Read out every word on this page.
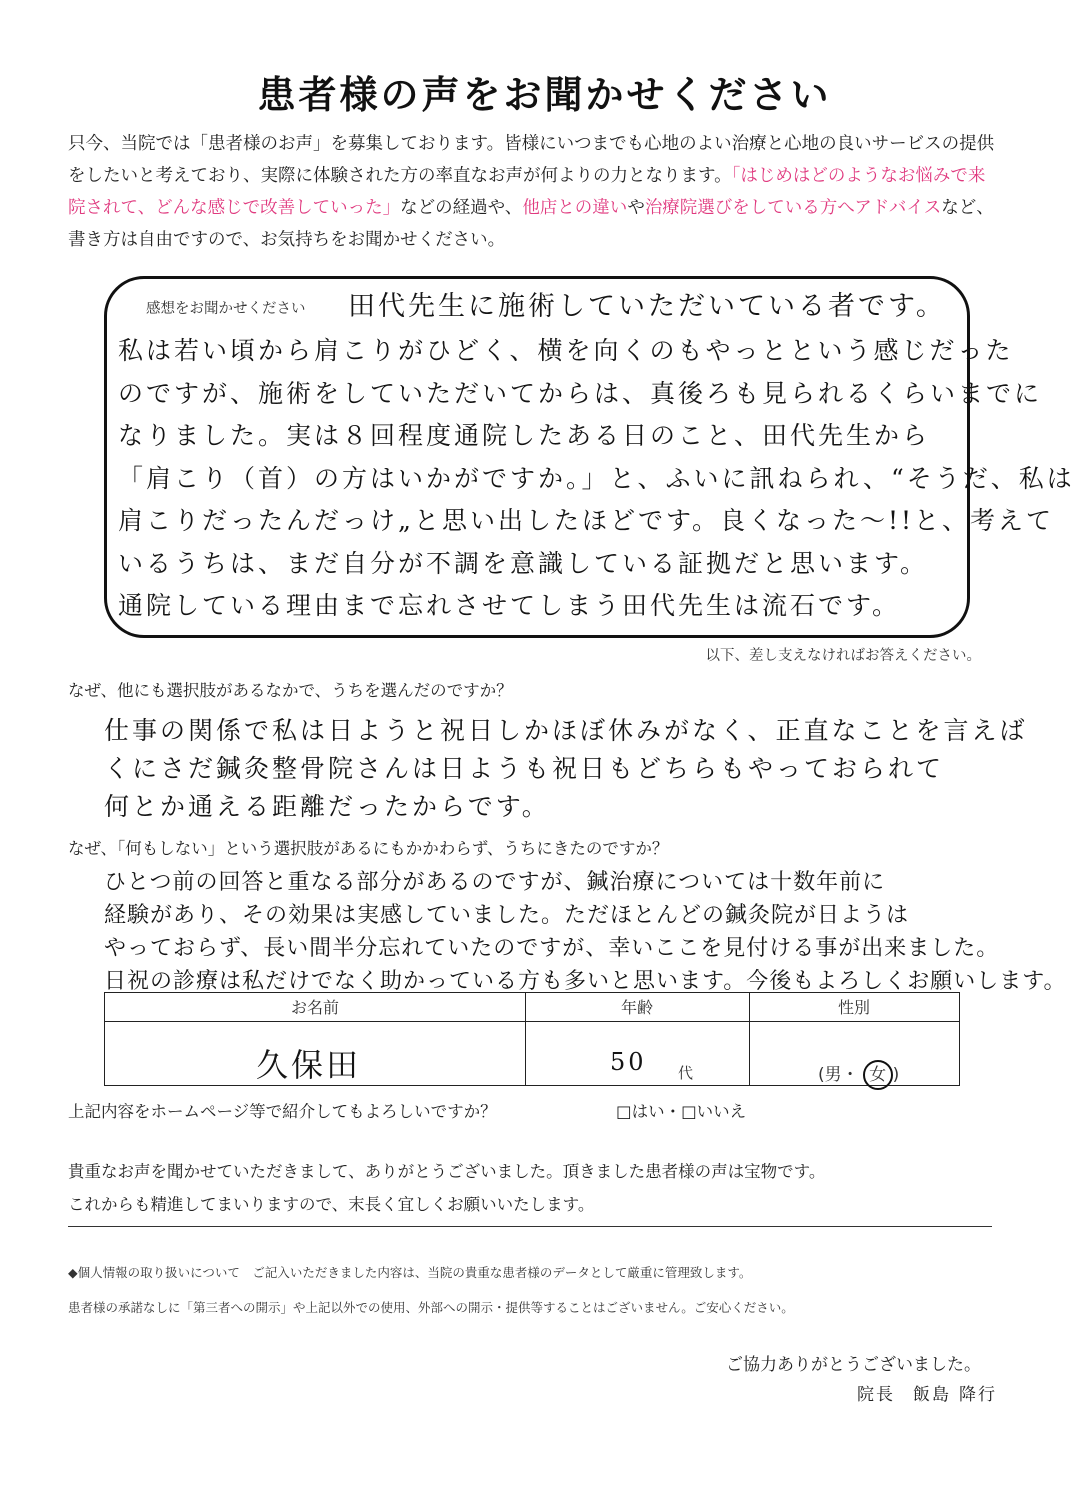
患者様の声をお聞かせください
只今、当院では「患者様のお声」を募集しております。皆様にいつまでも心地のよい治療と心地の良いサービスの提供をしたいと考えており、実際に体験された方の率直なお声が何よりの力となります。「はじめはどのようなお悩みで来院されて、どんな感じで改善していった」などの経過や、他店との違いや治療院選びをしている方へアドバイスなど、書き方は自由ですので、お気持ちをお聞かせください。
感想をお聞かせください 田代先生に施術していただいている者です。
私は若い頃から肩こりがひどく、横を向くのもやっとという感じだった
のですが、施術をしていただいてからは、真後ろも見られるくらいまでに
なりました。実は８回程度通院したある日のこと、田代先生から
「肩こり（首）の方はいかがですか。」と、ふいに訊ねられ、“そうだ、私は
肩こりだったんだっけ„と思い出したほどです。良くなった～!!と、考えて
いるうちは、まだ自分が不調を意識している証拠だと思います。
通院している理由まで忘れさせてしまう田代先生は流石です。
以下、差し支えなければお答えください。
なぜ、他にも選択肢があるなかで、うちを選んだのですか？
仕事の関係で私は日ようと祝日しかほぼ休みがなく、正直なことを言えば
くにさだ鍼灸整骨院さんは日ようも祝日もどちらもやっておられて
何とか通える距離だったからです。
なぜ、「何もしない」という選択肢があるにもかかわらず、うちにきたのですか？
ひとつ前の回答と重なる部分があるのですが、鍼治療については十数年前に
経験があり、その効果は実感していました。ただほとんどの鍼灸院が日ようは
やっておらず、長い間半分忘れていたのですが、幸いここを見付ける事が出来ました。
日祝の診療は私だけでなく助かっている方も多いと思います。今後もよろしくお願いします。
お名前	年齢	性別
久保田	50 代	(男・ 女 )
上記内容をホームページ等で紹介してもよろしいですか？	□はい・□いいえ
貴重なお声を聞かせていただきまして、ありがとうございました。頂きました患者様の声は宝物です。
これからも精進してまいりますので、末長く宜しくお願いいたします。
◆個人情報の取り扱いについて　ご記入いただきました内容は、当院の貴重な患者様のデータとして厳重に管理致します。
患者様の承諾なしに「第三者への開示」や上記以外での使用、外部への開示・提供等することはございません。ご安心ください。
ご協力ありがとうございました。
院長 飯島 降行
